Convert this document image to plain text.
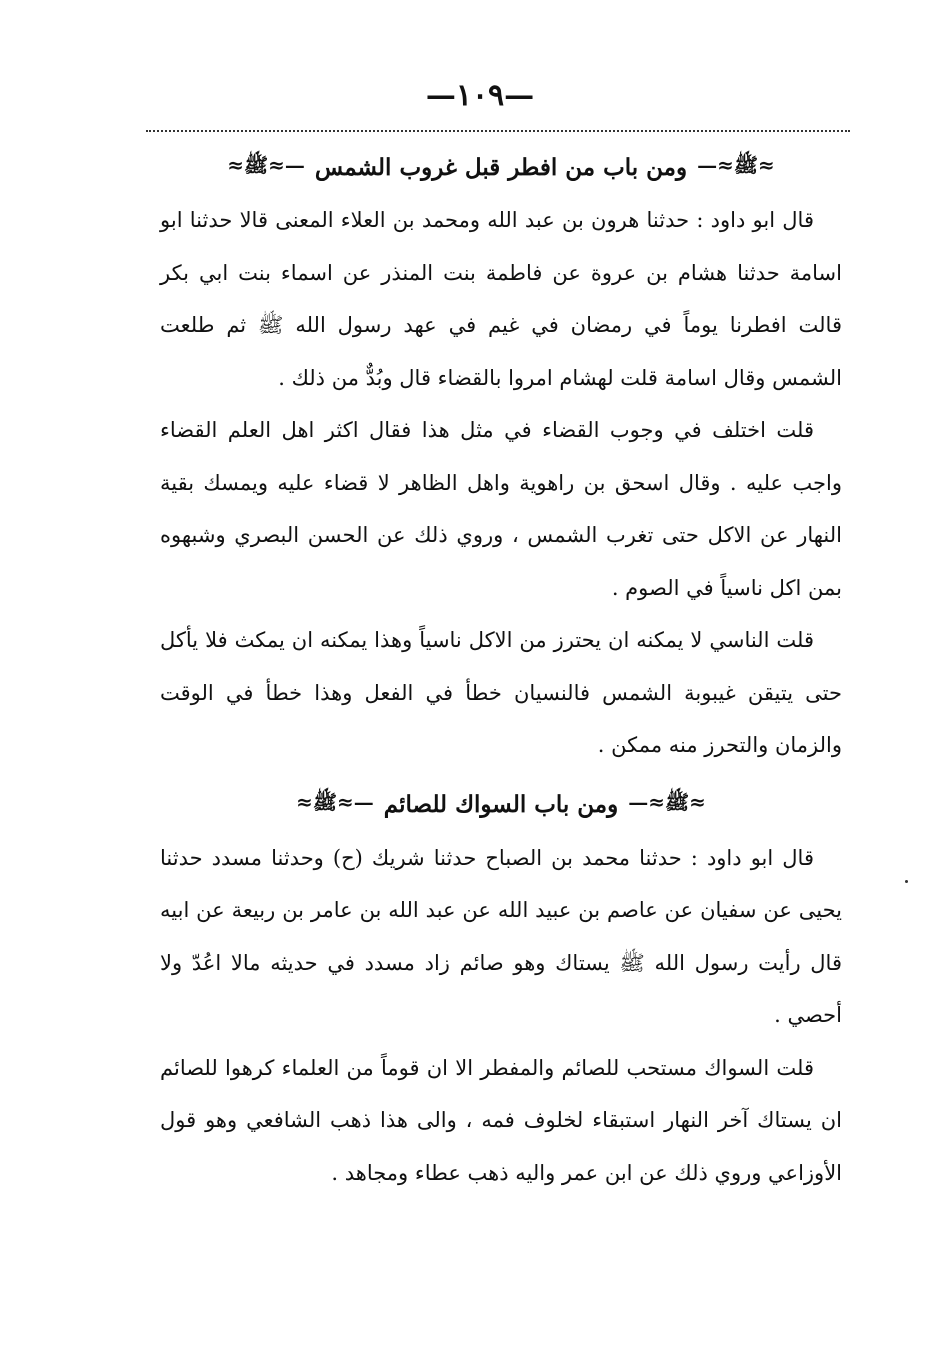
—١٠٩—
≈ﷺ≈—
ومن باب من افطر قبل غروب الشمس
—≈ﷺ≈

قال ابو داود : حدثنا هرون بن عبد الله ومحمد بن العلاء المعنى قالا حدثنا ابو اسامة حدثنا هشام بن عروة عن فاطمة بنت المنذر عن اسماء بنت ابي بكر قالت افطرنا يوماً في رمضان في غيم في عهد رسول الله ﷺ ثم طلعت الشمس وقال اسامة قلت لهشام امروا بالقضاء قال وبُدٌّ من ذلك .

قلت اختلف في وجوب القضاء في مثل هذا فقال اكثر اهل العلم القضاء واجب عليه . وقال اسحق بن راهوية واهل الظاهر لا قضاء عليه ويمسك بقية النهار عن الاكل حتى تغرب الشمس ، وروي ذلك عن الحسن البصري وشبهوه بمن اكل ناسياً في الصوم .

قلت الناسي لا يمكنه ان يحترز من الاكل ناسياً وهذا يمكنه ان يمكث فلا يأكل حتى يتيقن غيبوبة الشمس فالنسيان خطأ في الفعل وهذا خطأ في الوقت والزمان والتحرز منه ممكن .

≈ﷺ≈—
ومن باب السواك للصائم
—≈ﷺ≈

قال ابو داود : حدثنا محمد بن الصباح حدثنا شريك (ح) وحدثنا مسدد حدثنا يحيى عن سفيان عن عاصم بن عبيد الله عن عبد الله بن عامر بن ربيعة عن ابيه قال رأيت رسول الله ﷺ يستاك وهو صائم زاد مسدد في حديثه مالا اعُدّ ولا أحصي .

قلت السواك مستحب للصائم والمفطر الا ان قوماً من العلماء كرهوا للصائم ان يستاك آخر النهار استبقاء لخلوف فمه ، والى هذا ذهب الشافعي وهو قول الأوزاعي وروي ذلك عن ابن عمر واليه ذهب عطاء ومجاهد .
